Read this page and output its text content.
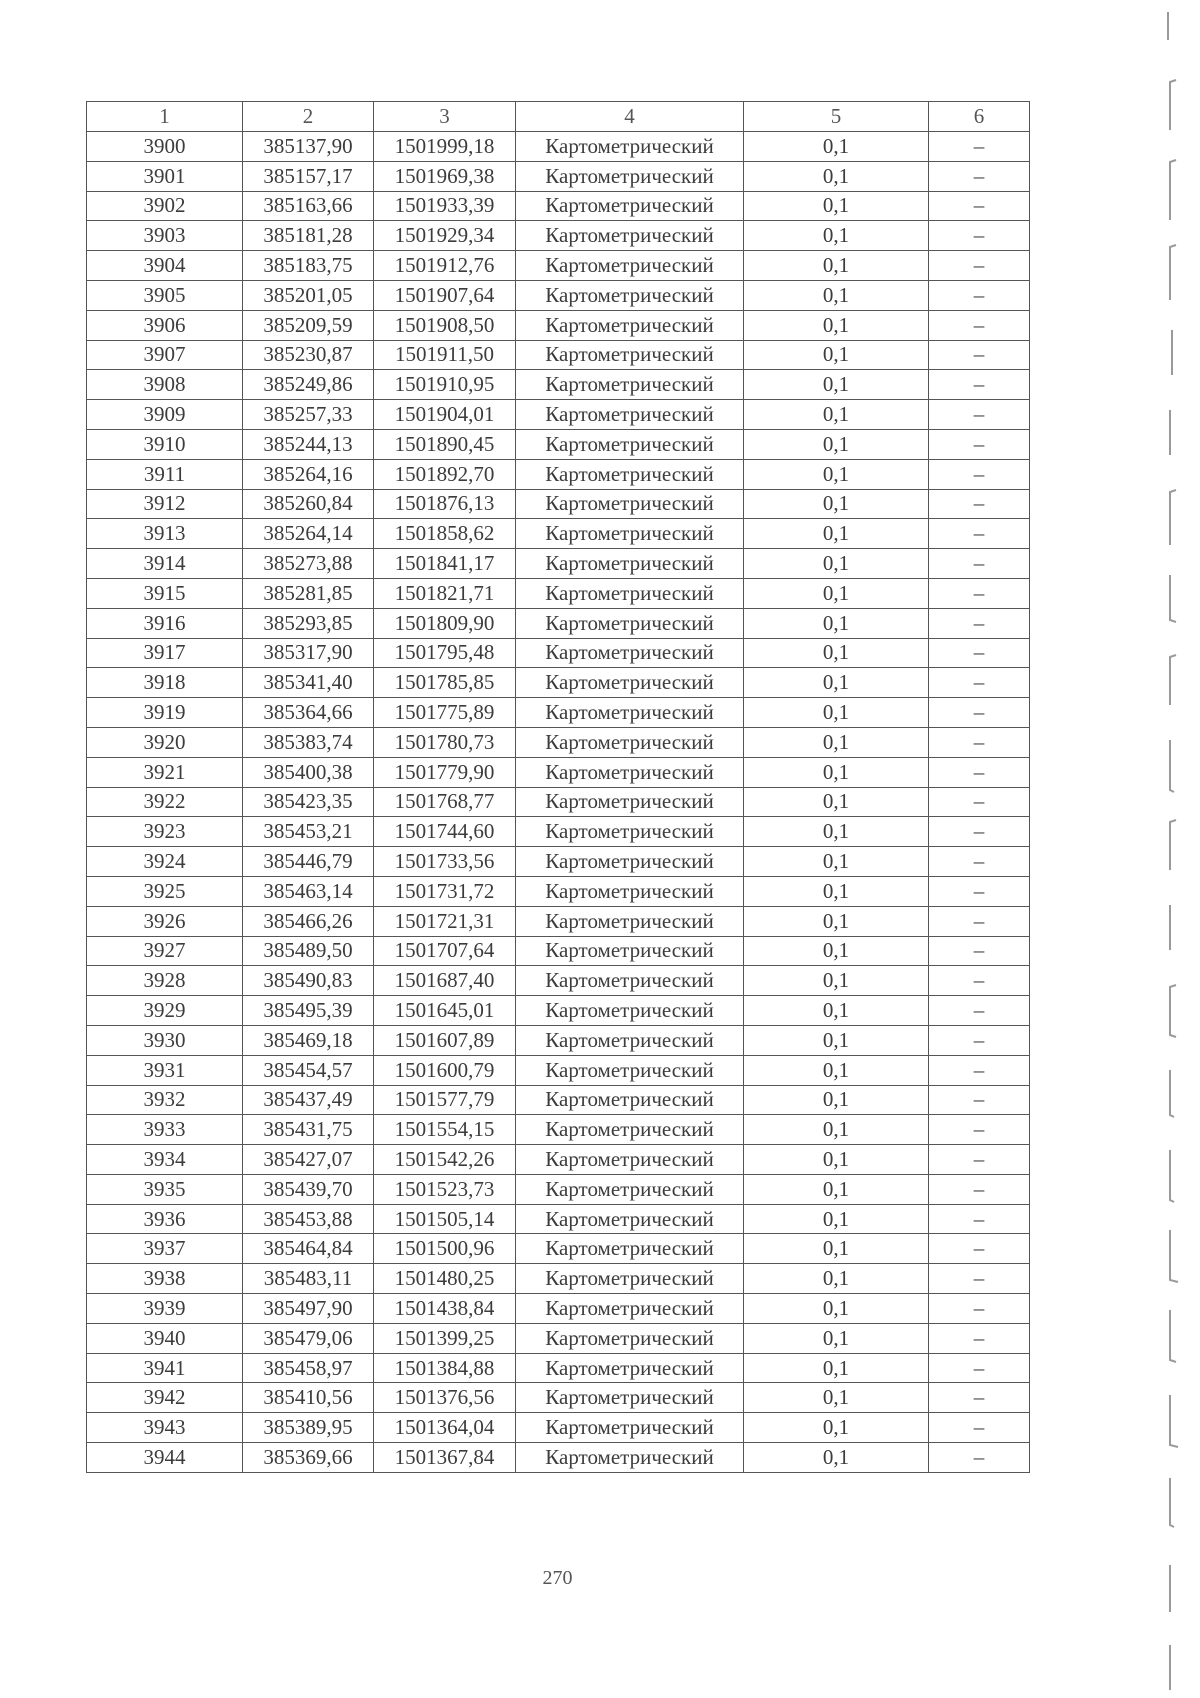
1	2	3	4	5	6
3900	385137,90	1501999,18	Картометрический	0,1	–
3901	385157,17	1501969,38	Картометрический	0,1	–
3902	385163,66	1501933,39	Картометрический	0,1	–
3903	385181,28	1501929,34	Картометрический	0,1	–
3904	385183,75	1501912,76	Картометрический	0,1	–
3905	385201,05	1501907,64	Картометрический	0,1	–
3906	385209,59	1501908,50	Картометрический	0,1	–
3907	385230,87	1501911,50	Картометрический	0,1	–
3908	385249,86	1501910,95	Картометрический	0,1	–
3909	385257,33	1501904,01	Картометрический	0,1	–
3910	385244,13	1501890,45	Картометрический	0,1	–
3911	385264,16	1501892,70	Картометрический	0,1	–
3912	385260,84	1501876,13	Картометрический	0,1	–
3913	385264,14	1501858,62	Картометрический	0,1	–
3914	385273,88	1501841,17	Картометрический	0,1	–
3915	385281,85	1501821,71	Картометрический	0,1	–
3916	385293,85	1501809,90	Картометрический	0,1	–
3917	385317,90	1501795,48	Картометрический	0,1	–
3918	385341,40	1501785,85	Картометрический	0,1	–
3919	385364,66	1501775,89	Картометрический	0,1	–
3920	385383,74	1501780,73	Картометрический	0,1	–
3921	385400,38	1501779,90	Картометрический	0,1	–
3922	385423,35	1501768,77	Картометрический	0,1	–
3923	385453,21	1501744,60	Картометрический	0,1	–
3924	385446,79	1501733,56	Картометрический	0,1	–
3925	385463,14	1501731,72	Картометрический	0,1	–
3926	385466,26	1501721,31	Картометрический	0,1	–
3927	385489,50	1501707,64	Картометрический	0,1	–
3928	385490,83	1501687,40	Картометрический	0,1	–
3929	385495,39	1501645,01	Картометрический	0,1	–
3930	385469,18	1501607,89	Картометрический	0,1	–
3931	385454,57	1501600,79	Картометрический	0,1	–
3932	385437,49	1501577,79	Картометрический	0,1	–
3933	385431,75	1501554,15	Картометрический	0,1	–
3934	385427,07	1501542,26	Картометрический	0,1	–
3935	385439,70	1501523,73	Картометрический	0,1	–
3936	385453,88	1501505,14	Картометрический	0,1	–
3937	385464,84	1501500,96	Картометрический	0,1	–
3938	385483,11	1501480,25	Картометрический	0,1	–
3939	385497,90	1501438,84	Картометрический	0,1	–
3940	385479,06	1501399,25	Картометрический	0,1	–
3941	385458,97	1501384,88	Картометрический	0,1	–
3942	385410,56	1501376,56	Картометрический	0,1	–
3943	385389,95	1501364,04	Картометрический	0,1	–
3944	385369,66	1501367,84	Картометрический	0,1	–
270
